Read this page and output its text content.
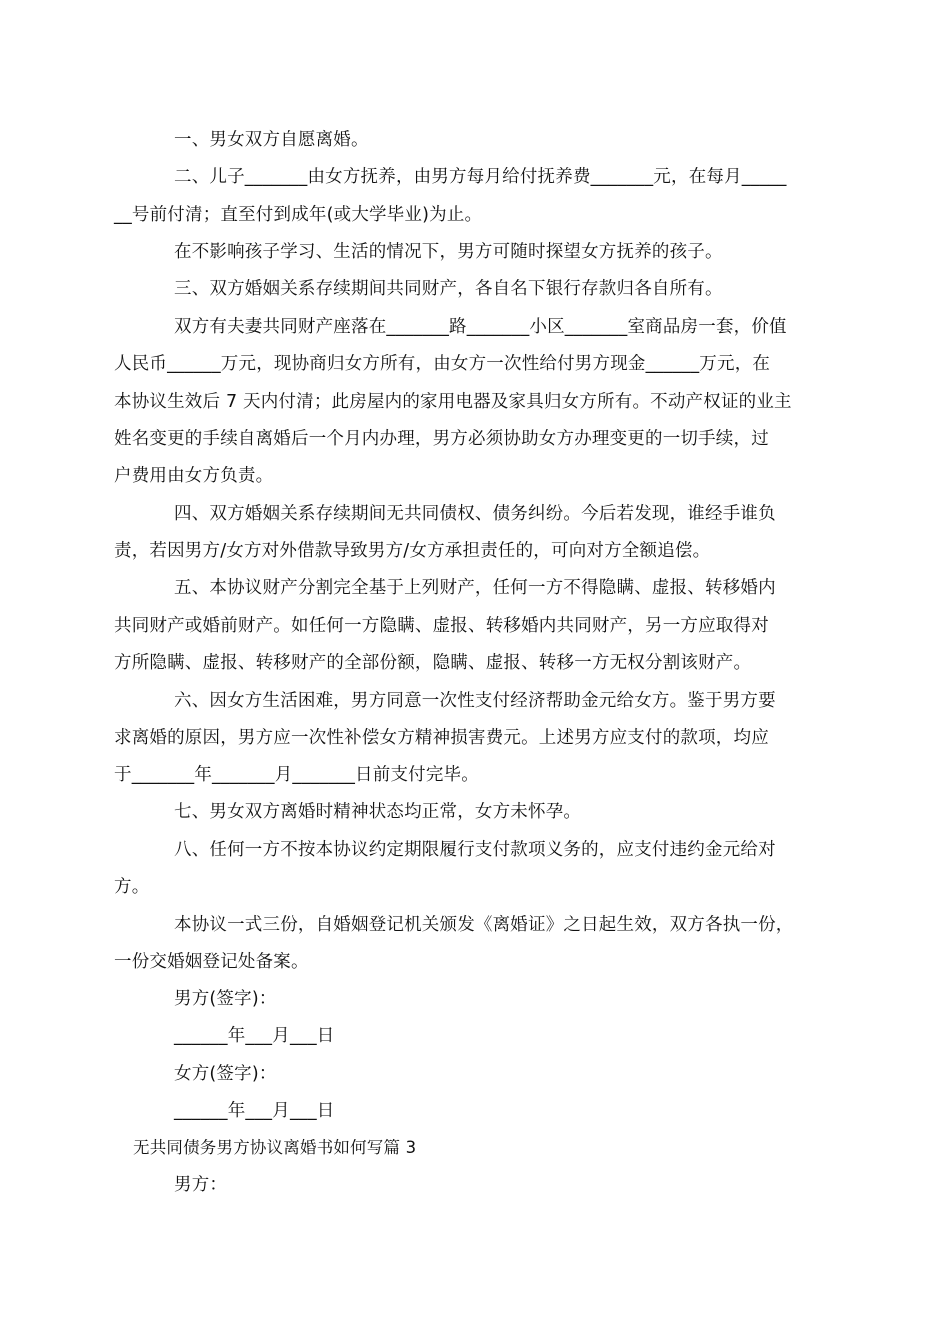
一、男女双方自愿离婚。
二、儿子_______由女方抚养，由男方每月给付抚养费_______元，在每月_____
__号前付清；直至付到成年(或大学毕业)为止。
在不影响孩子学习、生活的情况下，男方可随时探望女方抚养的孩子。
三、双方婚姻关系存续期间共同财产，各自名下银行存款归各自所有。
双方有夫妻共同财产座落在_______路_______小区_______室商品房一套，价值
人民币______万元，现协商归女方所有，由女方一次性给付男方现金______万元，在
本协议生效后 7 天内付清；此房屋内的家用电器及家具归女方所有。不动产权证的业主
姓名变更的手续自离婚后一个月内办理，男方必须协助女方办理变更的一切手续，过
户费用由女方负责。
四、双方婚姻关系存续期间无共同债权、债务纠纷。今后若发现，谁经手谁负
责，若因男方/女方对外借款导致男方/女方承担责任的，可向对方全额追偿。
五、本协议财产分割完全基于上列财产，任何一方不得隐瞒、虚报、转移婚内
共同财产或婚前财产。如任何一方隐瞒、虚报、转移婚内共同财产，另一方应取得对
方所隐瞒、虚报、转移财产的全部份额，隐瞒、虚报、转移一方无权分割该财产。
六、因女方生活困难，男方同意一次性支付经济帮助金元给女方。鉴于男方要
求离婚的原因，男方应一次性补偿女方精神损害费元。上述男方应支付的款项，均应
于_______年_______月_______日前支付完毕。
七、男女双方离婚时精神状态均正常，女方未怀孕。
八、任何一方不按本协议约定期限履行支付款项义务的，应支付违约金元给对
方。
本协议一式三份，自婚姻登记机关颁发《离婚证》之日起生效，双方各执一份，
一份交婚姻登记处备案。
男方(签字)：
______年___月___日
女方(签字)：
______年___月___日
无共同债务男方协议离婚书如何写篇 3
男方：
